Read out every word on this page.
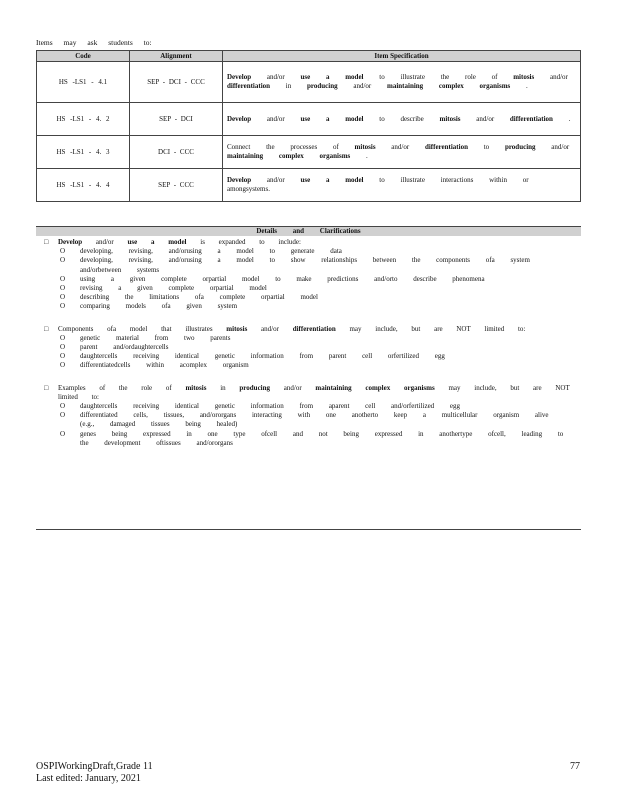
Items may ask students to:
Code	Alignment	Item Specification
HS -LS1 - 4.1	SEP - DCI - CCC	Develop and/or use a model to illustrate the role of mitosis and/or differentiation in producing and/or maintaining complex organisms .
HS -LS1 - 4. 2	SEP - DCI	Develop and/or use a model to describe mitosis and/or differentiation .
HS -LS1 - 4. 3	DCI - CCC	Connect the processes of mitosis and/or differentiation to producing and/or maintaining complex organisms .
HS -LS1 - 4. 4	SEP - CCC	Develop and/or use a model to illustrate interactions within or amongsystems.
Details and Clarifications
□ Develop and/or use a model is expanded to include:
O developing, revising, and/orusing a model to generate data
O developing, revising, and/orusing a model to show relationships between the components ofa system and/orbetween systems
O using a given complete orpartial model to make predictions and/orto describe phenomena
O revising a given complete orpartial model
O describing the limitations ofa complete orpartial model
O comparing models ofa given system
□ Components ofa model that illustrates mitosis and/or differentiation may include, but are NOT limited to:
O genetic material from two parents
O parent and/ordaughtercells
O daughtercells receiving identical genetic information from parent cell orfertilized egg
O differentiatedcells within acomplex organism
□ Examples of the role of mitosis in producing and/or maintaining complex organisms may include, but are NOT limited to:
O daughtercells receiving identical genetic information from aparent cell and/orfertilized egg
O differentiated cells, tissues, and/ororgans interacting with one anotherto keep a multicellular organism alive (e.g., damaged tissues being healed)
O genes being expressed in one type ofcell and not being expressed in anothertype ofcell, leading to the development oftissues and/ororgans
OSPIWorkingDraft,Grade 11
Last edited: January, 2021
77
